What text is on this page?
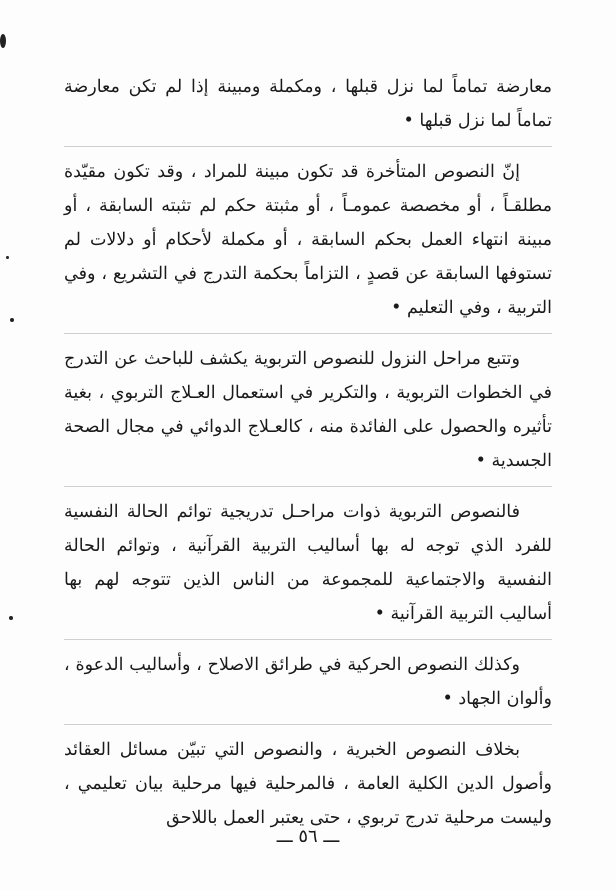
معارضة تماماً لما نزل قبلها ، ومكملة ومبينة إذا لم تكن معارضة تماماً لما نزل قبلها •

إنّ النصوص المتأخرة قد تكون مبينة للمراد ، وقد تكون مقيّدة مطلقـاً ، أو مخصصة عمومـاً ، أو مثبتة حكم لم تثبته السابقة ، أو مبينة انتهاء العمل بحكم السابقة ، أو مكملة لأحكام أو دلالات لم تستوفها السابقة عن قصدٍ ، التزاماً بحكمة التدرج في التشريع ، وفي التربية ، وفي التعليم •

وتتبع مراحل النزول للنصوص التربوية يكشف للباحث عن التدرج في الخطوات التربوية ، والتكرير في استعمال العـلاج التربوي ، بغية تأثيره والحصول على الفائدة منه ، كالعـلاج الدوائي في مجال الصحة الجسدية •

فالنصوص التربوية ذوات مراحـل تدريجية توائم الحالة النفسية للفرد الذي توجه له بها أساليب التربية القرآنية ، وتوائم الحالة النفسية والاجتماعية للمجموعة من الناس الذين تتوجه لهم بها أساليب التربية القرآنية •

وكذلك النصوص الحركية في طرائق الاصلاح ، وأساليب الدعوة ، وألوان الجهاد •

بخلاف النصوص الخبرية ، والنصوص التي تبيّن مسائل العقائد وأصول الدين الكلية العامة ، فالمرحلية فيها مرحلية بيان تعليمي ، وليست مرحلية تدرج تربوي ، حتى يعتبر العمل باللاحق

ـــ ٥٦ ـــ
